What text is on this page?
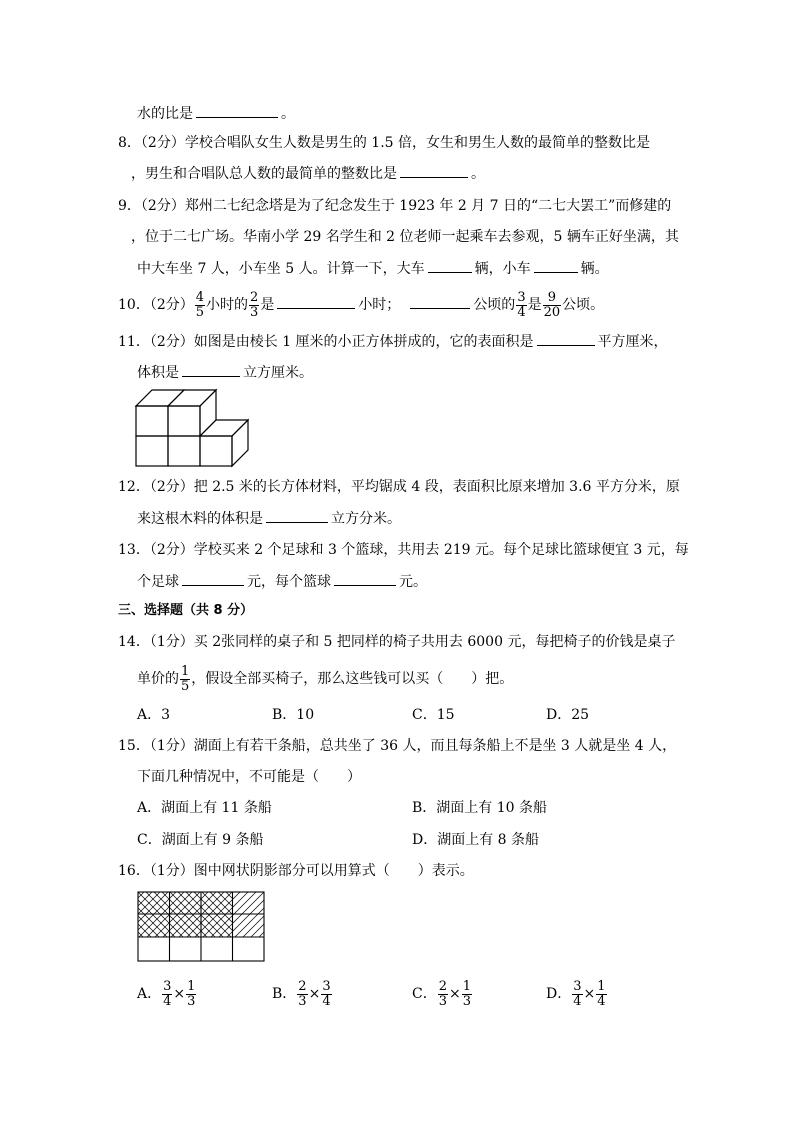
水的比是	。
8．（2分）学校合唱队女生人数是男生的 1.5 倍，女生和男生人数的最简单的整数比是
，男生和合唱队总人数的最简单的整数比是	。
9．（2分）郑州二七纪念塔是为了纪念发生于 1923 年 2 月 7 日的“二七大罢工”而修建的
，位于二七广场。华南小学 29 名学生和 2 位老师一起乘车去参观，5 辆车正好坐满，其
中大车坐 7 人，小车坐 5 人。计算一下，大车	辆，小车	辆。
10．（2分） $\frac{4}{5}$ 小时的 $\frac{2}{3}$ 是	小时；	公顷的 $\frac{3}{4}$ 是 $\frac{9}{20}$ 公顷。
11．（2分）如图是由棱长 1 厘米的小正方体拼成的，它的表面积是	平方厘米，
体积是	立方厘米。
12．（2分）把 2.5 米的长方体材料，平均锯成 4 段，表面积比原来增加 3.6 平方分米，原
来这根木料的体积是	立方分米。
13．（2分）学校买来 2 个足球和 3 个篮球，共用去 219 元。每个足球比篮球便宜 3 元，每
个足球	元，每个篮球	元。
三、选择题（共 8 分）
14．（1分）买 2张同样的桌子和 5 把同样的椅子共用去 6000 元，每把椅子的价钱是桌子
单价的 $\frac{1}{5}$ ，假设全部买椅子，那么这些钱可以买（　　）把。
A．3	B．10	C．15	D．25
15．（1分）湖面上有若干条船，总共坐了 36 人，而且每条船上不是坐 3 人就是坐 4 人，
下面几种情况中，不可能是（　　）
A．湖面上有 11 条船	B．湖面上有 10 条船
C．湖面上有 9 条船	D．湖面上有 8 条船
16．（1分）图中网状阴影部分可以用算式（　　）表示。
A． $\frac{3}{4} \times \frac{1}{3}$	B． $\frac{2}{3} \times \frac{3}{4}$	C． $\frac{2}{3} \times \frac{1}{3}$	D． $\frac{3}{4} \times \frac{1}{4}$
